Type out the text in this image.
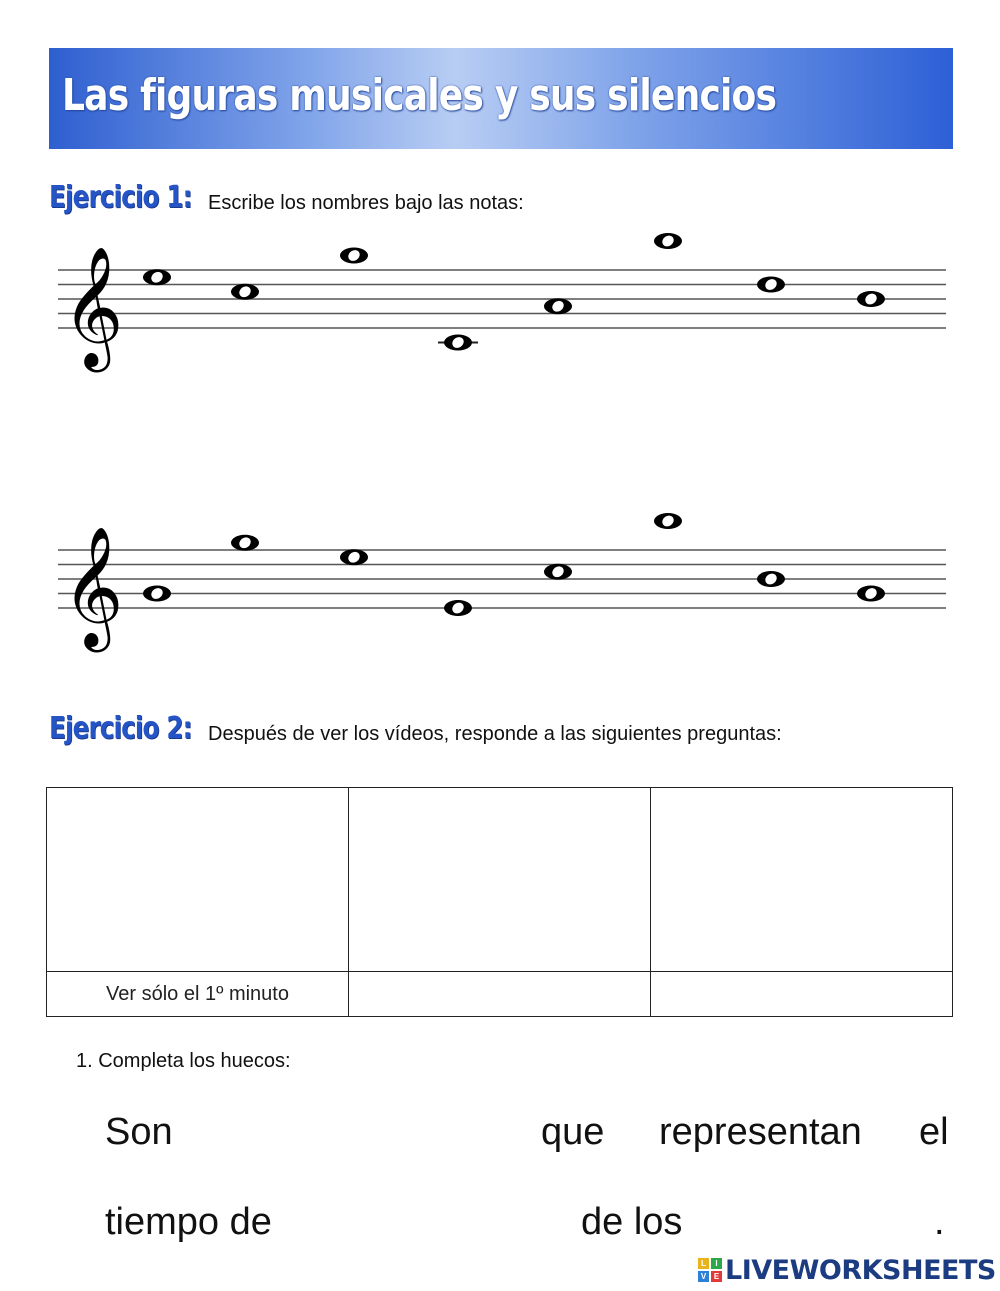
Las figuras musicales y sus silencios
Ejercicio 1: Escribe los nombres bajo las notas:
𝄞
𝄞
Ejercicio 2: Después de ver los vídeos, responde a las siguientes preguntas:

Ver sólo el 1º minuto		
1. Completa los huecos:
Son	que representan el
tiempo de	de los	.
L	I
V E LIVEWORKSHEETS
